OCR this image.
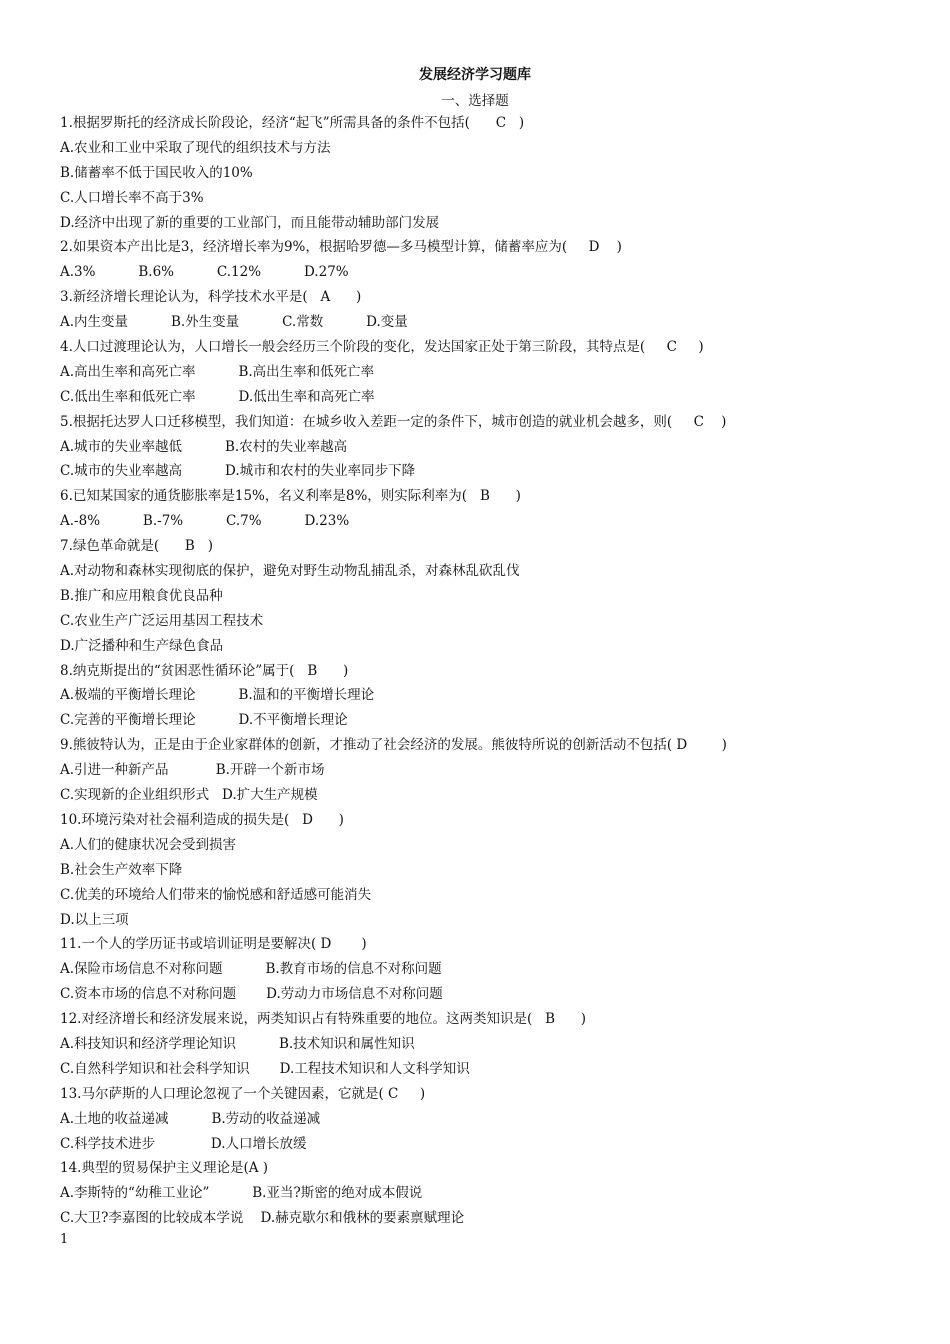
发展经济学习题库
一、选择题
1.根据罗斯托的经济成长阶段论，经济“起飞”所需具备的条件不包括(      C   )
A.农业和工业中采取了现代的组织技术与方法
B.储蓄率不低于国民收入的10%
C.人口增长率不高于3%
D.经济中出现了新的重要的工业部门，而且能带动辅助部门发展
2.如果资本产出比是3，经济增长率为9%，根据哈罗德—多马模型计算，储蓄率应为(     D    )
A.3%          B.6%          C.12%          D.27%
3.新经济增长理论认为，科学技术水平是(   A      )
A.内生变量          B.外生变量          C.常数          D.变量
4.人口过渡理论认为，人口增长一般会经历三个阶段的变化，发达国家正处于第三阶段，其特点是(     C     )
A.高出生率和高死亡率          B.高出生率和低死亡率
C.低出生率和低死亡率          D.低出生率和高死亡率
5.根据托达罗人口迁移模型，我们知道：在城乡收入差距一定的条件下，城市创造的就业机会越多，则(     C    )
A.城市的失业率越低          B.农村的失业率越高
C.城市的失业率越高          D.城市和农村的失业率同步下降
6.已知某国家的通货膨胀率是15%，名义利率是8%，则实际利率为(   B      )
A.-8%          B.-7%          C.7%          D.23%
7.绿色革命就是(      B   )
A.对动物和森林实现彻底的保护，避免对野生动物乱捕乱杀，对森林乱砍乱伐
B.推广和应用粮食优良品种
C.农业生产广泛运用基因工程技术
D.广泛播种和生产绿色食品
8.纳克斯提出的“贫困恶性循环论”属于(   B      )
A.极端的平衡增长理论          B.温和的平衡增长理论
C.完善的平衡增长理论          D.不平衡增长理论
9.熊彼特认为，正是由于企业家群体的创新，才推动了社会经济的发展。熊彼特所说的创新活动不包括( D        )
A.引进一种新产品           B.开辟一个新市场
C.实现新的企业组织形式   D.扩大生产规模
10.环境污染对社会福利造成的损失是(   D      )
A.人们的健康状况会受到损害
B.社会生产效率下降
C.优美的环境给人们带来的愉悦感和舒适感可能消失
D.以上三项
11.一个人的学历证书或培训证明是要解决( D       )
A.保险市场信息不对称问题          B.教育市场的信息不对称问题
C.资本市场的信息不对称问题       D.劳动力市场信息不对称问题
12.对经济增长和经济发展来说，两类知识占有特殊重要的地位。这两类知识是(   B      )
A.科技知识和经济学理论知识          B.技术知识和属性知识
C.自然科学知识和社会科学知识       D.工程技术知识和人文科学知识
13.马尔萨斯的人口理论忽视了一个关键因素，它就是( C     )
A.土地的收益递减          B.劳动的收益递减
C.科学技术进步             D.人口增长放缓
14.典型的贸易保护主义理论是(A )
A.李斯特的“幼稚工业论”          B.亚当?斯密的绝对成本假说
C.大卫?李嘉图的比较成本学说    D.赫克歇尔和俄林的要素禀赋理论
1
